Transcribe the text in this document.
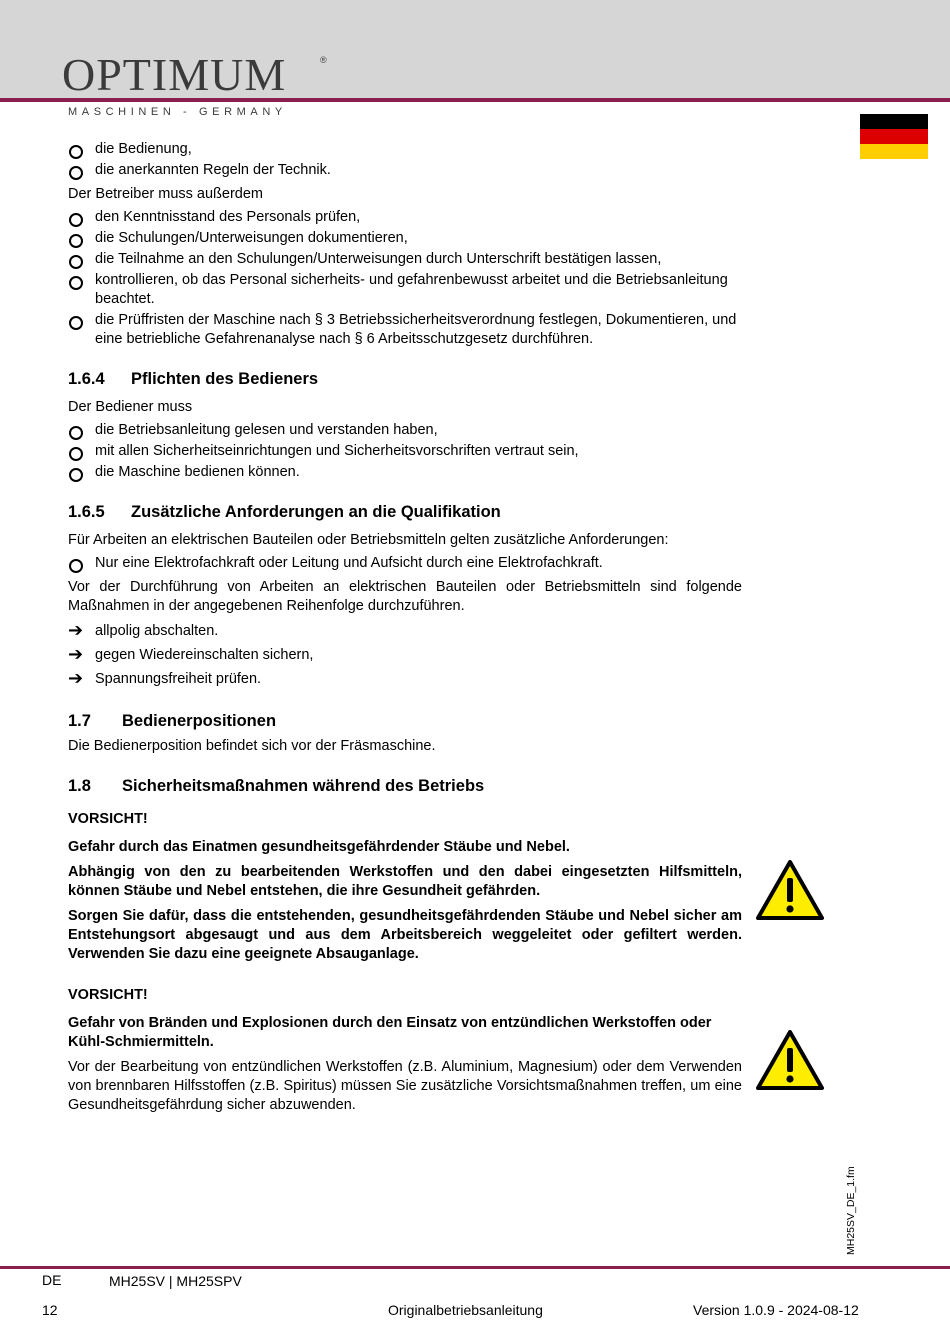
OPTIMUM	®
MASCHINEN - GERMANY
die Bedienung,
die anerkannten Regeln der Technik.

Der Betreiber muss außerdem

den Kenntnisstand des Personals prüfen,
die Schulungen/Unterweisungen dokumentieren,
die Teilnahme an den Schulungen/Unterweisungen durch Unterschrift bestätigen lassen,
kontrollieren, ob das Personal sicherheits- und gefahrenbewusst arbeitet und die Betriebsanleitung beachtet.
die Prüffristen der Maschine nach § 3 Betriebssicherheitsverordnung festlegen, Dokumentieren, und eine betriebliche Gefahrenanalyse nach § 6 Arbeitsschutzgesetz durchführen.
1.6.4 Pflichten des Bedieners

Der Bediener muss

die Betriebsanleitung gelesen und verstanden haben,
mit allen Sicherheitseinrichtungen und Sicherheitsvorschriften vertraut sein,
die Maschine bedienen können.
1.6.5 Zusätzliche Anforderungen an die Qualifikation

Für Arbeiten an elektrischen Bauteilen oder Betriebsmitteln gelten zusätzliche Anforderungen:

Nur eine Elektrofachkraft oder Leitung und Aufsicht durch eine Elektrofachkraft.

Vor der Durchführung von Arbeiten an elektrischen Bauteilen oder Betriebsmitteln sind folgende Maßnahmen in der angegebenen Reihenfolge durchzuführen.

➔ allpolig abschalten.
➔ gegen Wiedereinschalten sichern,
➔ Spannungsfreiheit prüfen.
1.7 Bedienerpositionen

Die Bedienerposition befindet sich vor der Fräsmaschine.

1.8 Sicherheitsmaßnahmen während des Betriebs

VORSICHT!

Gefahr durch das Einatmen gesundheitsgefährdender Stäube und Nebel.

Abhängig von den zu bearbeitenden Werkstoffen und den dabei eingesetzten Hilfsmitteln, können Stäube und Nebel entstehen, die ihre Gesundheit gefährden.

Sorgen Sie dafür, dass die entstehenden, gesundheitsgefährdenden Stäube und Nebel sicher am Entstehungsort abgesaugt und aus dem Arbeitsbereich weggeleitet oder gefiltert werden. Verwenden Sie dazu eine geeignete Absauganlage.

VORSICHT!

Gefahr von Bränden und Explosionen durch den Einsatz von entzündlichen Werkstoffen oder Kühl-Schmiermitteln.

Vor der Bearbeitung von entzündlichen Werkstoffen (z.B. Aluminium, Magnesium) oder dem Verwenden von brennbaren Hilfsstoffen (z.B. Spiritus) müssen Sie zusätzliche Vorsichtsmaßnahmen treffen, um eine Gesundheitsgefährdung sicher abzuwenden.

MH25SV_DE_1.fm
DE	MH25SV | MH25SPV
12	Originalbetriebsanleitung	Version 1.0.9 - 2024-08-12
